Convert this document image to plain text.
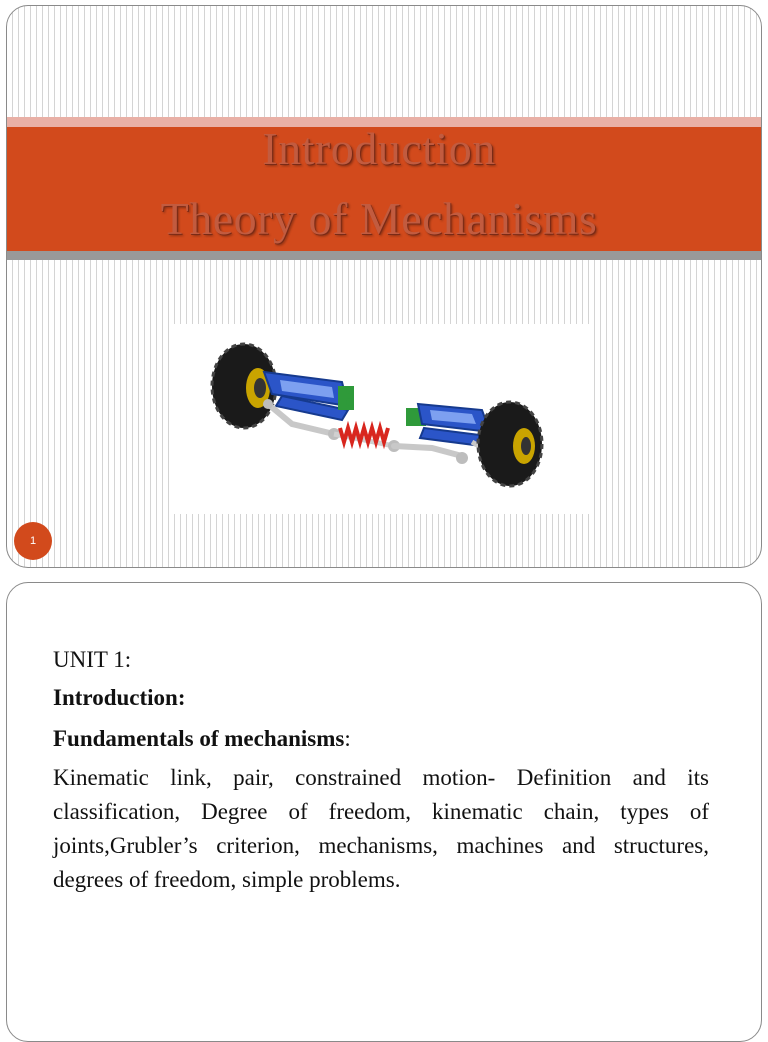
Introduction
Theory of Mechanisms
1
UNIT 1:
Introduction:
Fundamentals of mechanisms:
Kinematic link, pair, constrained motion- Definition and its classification, Degree of freedom, kinematic chain, types of joints,Grubler’s criterion, mechanisms, machines and structures, degrees of freedom, simple problems.
